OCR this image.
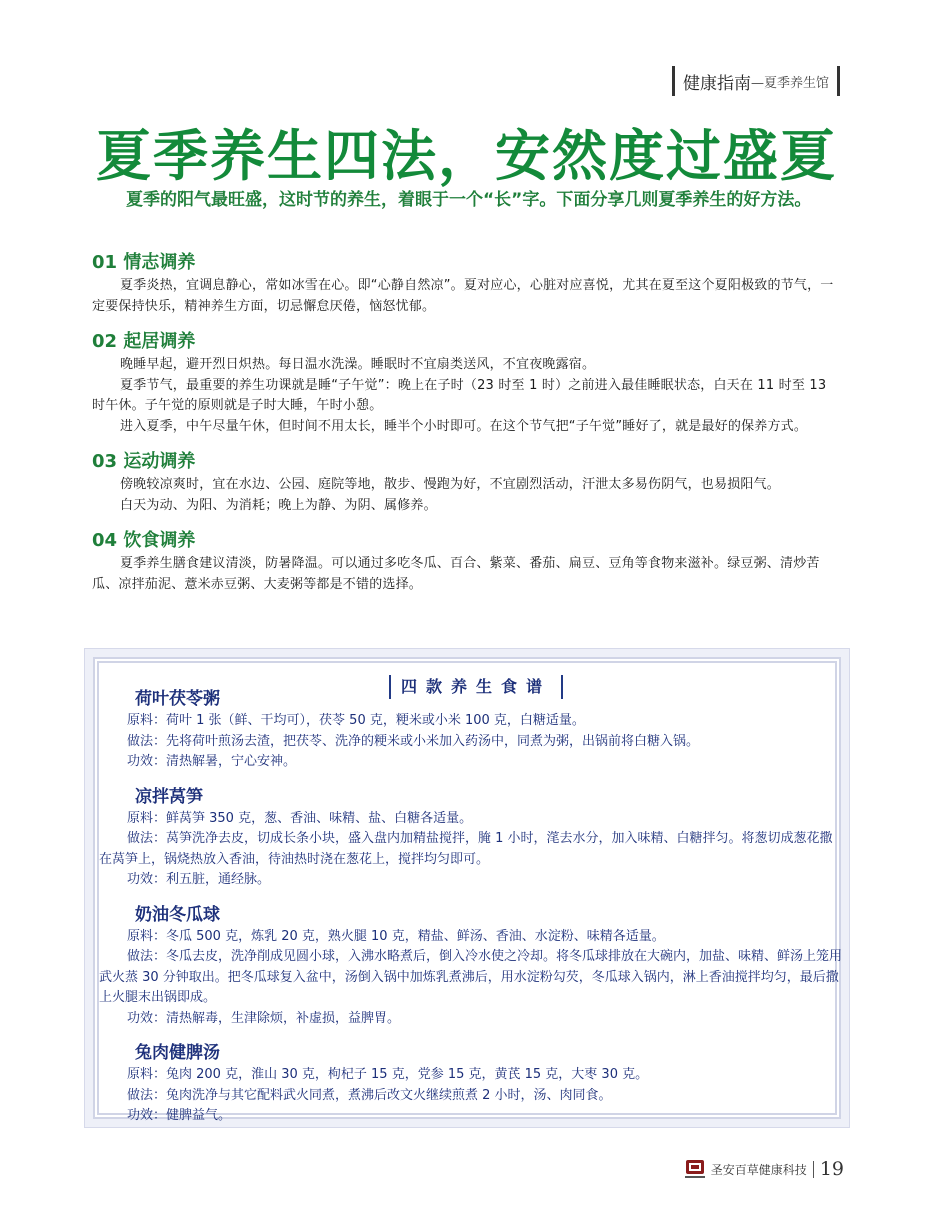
健康指南 —夏季养生馆
夏季养生四法，安然度过盛夏
夏季的阳气最旺盛，这时节的养生，着眼于一个“长”字。下面分享几则夏季养生的好方法。
01 情志调养
夏季炎热，宜调息静心，常如冰雪在心。即“心静自然凉”。夏对应心，心脏对应喜悦，尤其在夏至这个夏阳极致的节气，一定要保持快乐，精神养生方面，切忌懈怠厌倦，恼怒忧郁。
02 起居调养
晚睡早起，避开烈日炽热。每日温水洗澡。睡眠时不宜扇类送风，不宜夜晚露宿。
夏季节气，最重要的养生功课就是睡“子午觉”：晚上在子时（23 时至 1 时）之前进入最佳睡眠状态，白天在 11 时至 13 时午休。子午觉的原则就是子时大睡，午时小憩。
进入夏季，中午尽量午休，但时间不用太长，睡半个小时即可。在这个节气把“子午觉”睡好了，就是最好的保养方式。
03 运动调养
傍晚较凉爽时，宜在水边、公园、庭院等地，散步、慢跑为好，不宜剧烈活动，汗泄太多易伤阴气，也易损阳气。
白天为动、为阳、为消耗；晚上为静、为阴、属修养。
04 饮食调养
夏季养生膳食建议清淡，防暑降温。可以通过多吃冬瓜、百合、紫菜、番茄、扁豆、豆角等食物来滋补。绿豆粥、清炒苦瓜、凉拌茄泥、薏米赤豆粥、大麦粥等都是不错的选择。
四款养生食谱
荷叶茯苓粥
原料：荷叶 1 张（鲜、干均可），茯苓 50 克，粳米或小米 100 克，白糖适量。
做法：先将荷叶煎汤去渣，把茯苓、洗净的粳米或小米加入药汤中，同煮为粥，出锅前将白糖入锅。
功效：清热解暑，宁心安神。
凉拌莴笋
原料：鲜莴笋 350 克，葱、香油、味精、盐、白糖各适量。
做法：莴笋洗净去皮，切成长条小块，盛入盘内加精盐搅拌，腌 1 小时，滗去水分，加入味精、白糖拌匀。将葱切成葱花撒在莴笋上，锅烧热放入香油，待油热时浇在葱花上，搅拌均匀即可。
功效：利五脏，通经脉。
奶油冬瓜球
原料：冬瓜 500 克，炼乳 20 克，熟火腿 10 克，精盐、鲜汤、香油、水淀粉、味精各适量。
做法：冬瓜去皮，洗净削成见圆小球，入沸水略煮后，倒入冷水使之冷却。将冬瓜球排放在大碗内，加盐、味精、鲜汤上笼用武火蒸 30 分钟取出。把冬瓜球复入盆中，汤倒入锅中加炼乳煮沸后，用水淀粉勾芡，冬瓜球入锅内，淋上香油搅拌均匀，最后撒上火腿末出锅即成。
功效：清热解毒，生津除烦，补虚损，益脾胃。
兔肉健脾汤
原料：兔肉 200 克，淮山 30 克，枸杞子 15 克，党参 15 克，黄芪 15 克，大枣 30 克。
做法：兔肉洗净与其它配料武火同煮，煮沸后改文火继续煎煮 2 小时，汤、肉同食。
功效：健脾益气。
圣安百草健康科技 19
